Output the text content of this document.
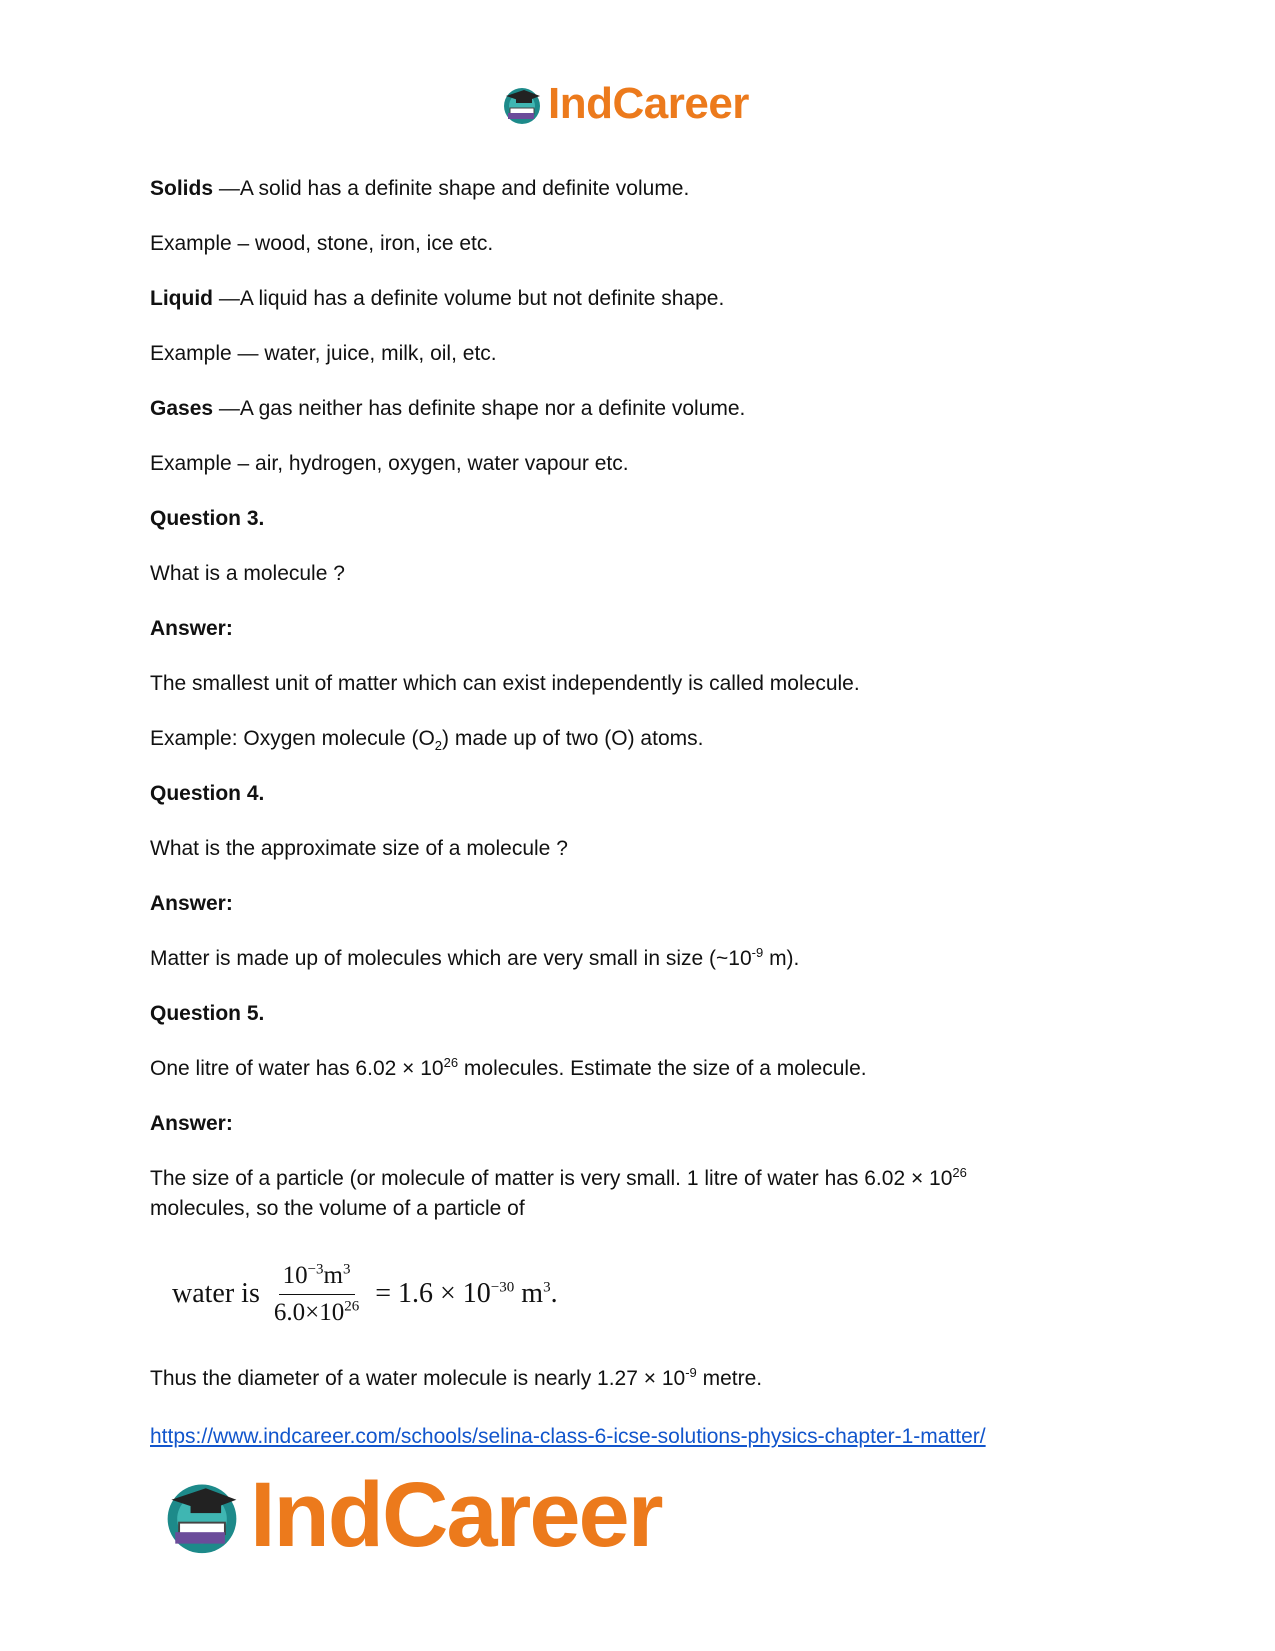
IndCareer

Solids —A solid has a definite shape and definite volume.

Example – wood, stone, iron, ice etc.

Liquid —A liquid has a definite volume but not definite shape.

Example — water, juice, milk, oil, etc.

Gases —A gas neither has definite shape nor a definite volume.

Example – air, hydrogen, oxygen, water vapour etc.

Question 3.

What is a molecule ?

Answer:

The smallest unit of matter which can exist independently is called molecule.

Example: Oxygen molecule $(O_2)$ made up of two (O) atoms.

Question 4.

What is the approximate size of a molecule ?

Answer:

Matter is made up of molecules which are very small in size ($\sim 10^{-9}$ m).

Question 5.

One litre of water has $6.02 \times 10^{26}$ molecules. Estimate the size of a molecule.

Answer:

The size of a particle (or molecule of matter is very small. 1 litre of water has $6.02 \times 10^{26}$
molecules, so the volume of a particle of

water is $\frac{10^{-3}m^3}{6.0\times 10^{26}} = 1.6 \times 10^{-30}$ $m^3$.

Thus the diameter of a water molecule is nearly $1.27 \times 10^{-9}$ metre.

https://www.indcareer.com/schools/selina-class-6-icse-solutions-physics-chapter-1-matter/

IndCareer
